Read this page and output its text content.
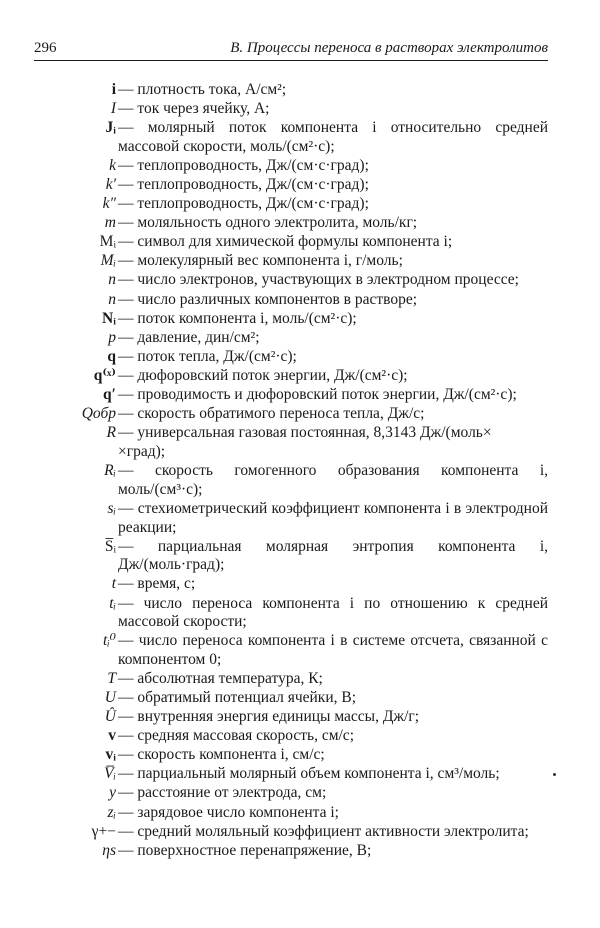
296	В. Процессы переноса в растворах электролитов
i	— плотность тока, А/см²;
I	— ток через ячейку, А;
Jᵢ	— молярный поток компонента i относительно средней массовой скорости, моль/(см²·с);
k	— теплопроводность, Дж/(см·с·град);
k′	— теплопроводность, Дж/(см·с·град);
k″	— теплопроводность, Дж/(см·с·град);
m	— моляльность одного электролита, моль/кг;
Mᵢ	— символ для химической формулы компонента i;
Mᵢ	— молекулярный вес компонента i, г/моль;
n	— число электронов, участвующих в электродном процессе;
n	— число различных компонентов в растворе;
Nᵢ	— поток компонента i, моль/(см²·с);
p	— давление, дин/см²;
q	— поток тепла, Дж/(см²·с);
q⁽ˣ⁾	— дюфоровский поток энергии, Дж/(см²·с);
q′	— проводимость и дюфоровский поток энергии, Дж/(см²·с);
Qобр	— скорость обратимого переноса тепла, Дж/с;
R	— универсальная газовая постоянная, 8,3143 Дж/(моль×
×град);
Rᵢ	— скорость гомогенного образования компонента i, моль/(см³·с);
sᵢ	— стехиометрический коэффициент компонента i в электродной реакции;
S̅ᵢ	— парциальная молярная энтропия компонента i, Дж/(моль·град);
t	— время, с;
tᵢ	— число переноса компонента i по отношению к средней массовой скорости;
tᵢ⁰	— число переноса компонента i в системе отсчета, связанной с компонентом 0;
T	— абсолютная температура, К;
U	— обратимый потенциал ячейки, В;
Û	— внутренняя энергия единицы массы, Дж/г;
v	— средняя массовая скорость, см/с;
vᵢ	— скорость компонента i, см/с;
V̅ᵢ	— парциальный молярный объем компонента i, см³/моль;
y	— расстояние от электрода, см;
zᵢ	— зарядовое число компонента i;
γ+−	— средний моляльный коэффициент активности электролита;
ηs	— поверхностное перенапряжение, В;
